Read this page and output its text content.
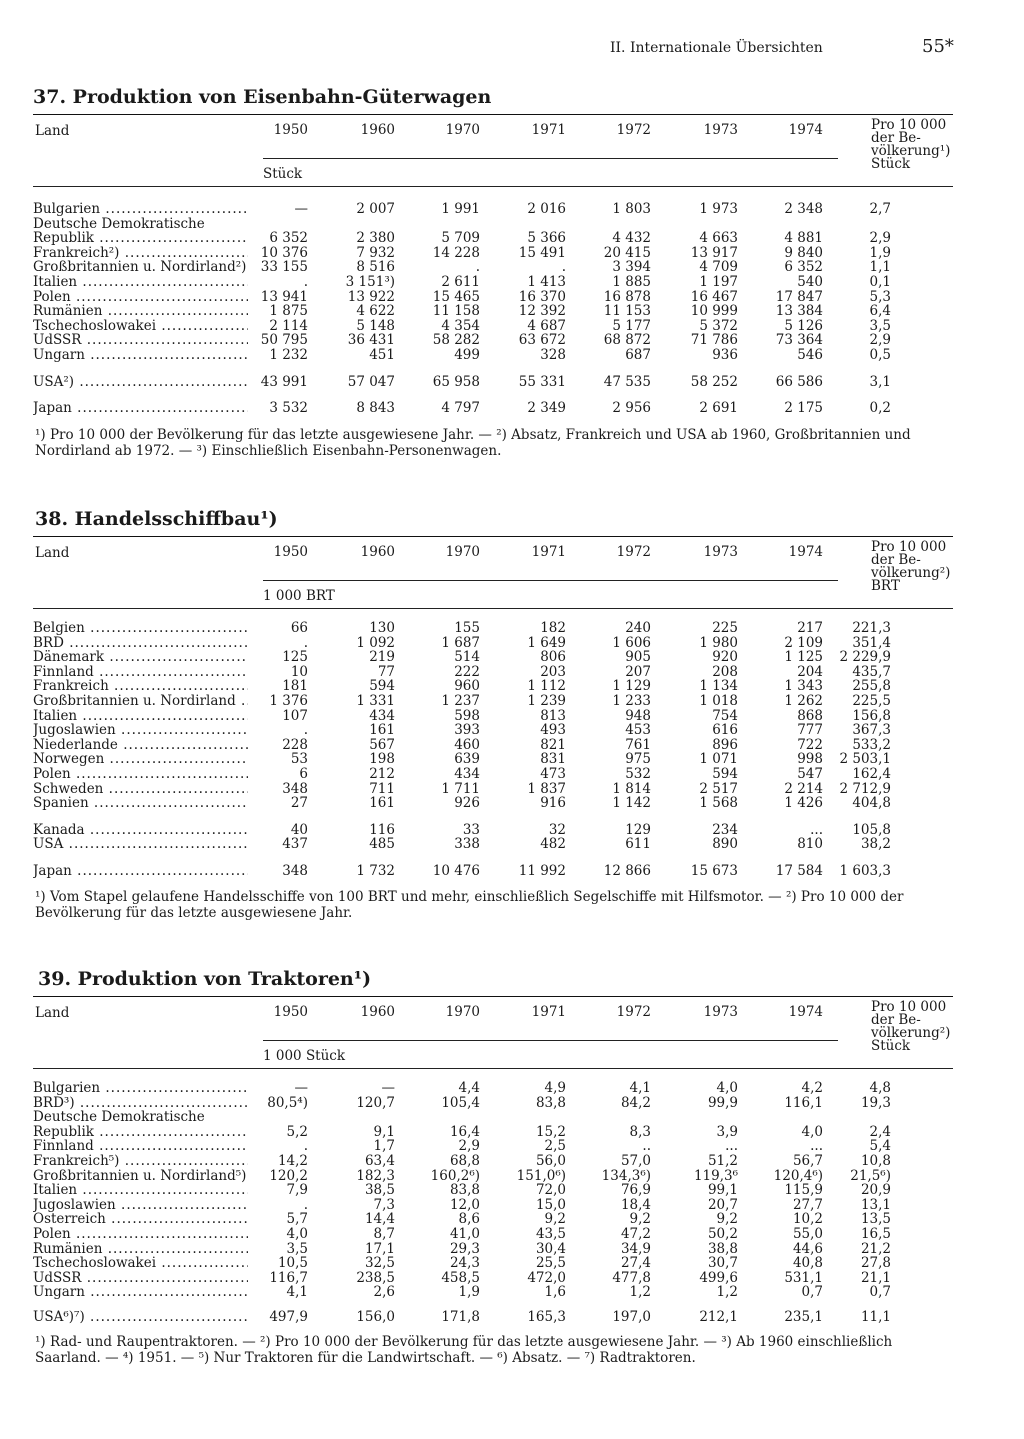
II. Internationale Übersichten	55*
37. Produktion von Eisenbahn-Güterwagen
Land	1950	1960	1970	1971	1972	1973	1974	Pro 10 000 der Be- völkerung¹) Stück
Stück
Bulgarien .....	—	2 007	1 991	2 016	1 803	1 973	2 348	2,7
Deutsche Demokratische
Republik .....	6 352	2 380	5 709	5 366	4 432	4 663	4 881	2,9
Frankreich²) .....	10 376	7 932	14 228	15 491	20 415	13 917	9 840	1,9
Großbritannien u. Nordirland²) .....	33 155	8 516	.	.	3 394	4 709	6 352	1,1
Italien .....	.	3 151³)	2 611	1 413	1 885	1 197	540	0,1
Polen .....	13 941	13 922	15 465	16 370	16 878	16 467	17 847	5,3
Rumänien .....	1 875	4 622	11 158	12 392	11 153	10 999	13 384	6,4
Tschechoslowakei .....	2 114	5 148	4 354	4 687	5 177	5 372	5 126	3,5
UdSSR .....	50 795	36 431	58 282	63 672	68 872	71 786	73 364	2,9
Ungarn .....	1 232	451	499	328	687	936	546	0,5
USA²) .....	43 991	57 047	65 958	55 331	47 535	58 252	66 586	3,1
Japan .....	3 532	8 843	4 797	2 349	2 956	2 691	2 175	0,2
¹) Pro 10 000 der Bevölkerung für das letzte ausgewiesene Jahr. — ²) Absatz, Frankreich und USA ab 1960, Großbritannien und Nordirland ab 1972. — ³) Einschließlich Eisenbahn-Personenwagen.
38. Handelsschiffbau¹)
Land	1950	1960	1970	1971	1972	1973	1974	Pro 10 000 der Be- völkerung²) BRT
1 000 BRT
Belgien .....	66	130	155	182	240	225	217	221,3
BRD .....	.	1 092	1 687	1 649	1 606	1 980	2 109	351,4
Dänemark .....	125	219	514	806	905	920	1 125	2 229,9
Finnland .....	10	77	222	203	207	208	204	435,7
Frankreich .....	181	594	960	1 112	1 129	1 134	1 343	255,8
Großbritannien u. Nordirland .....	1 376	1 331	1 237	1 239	1 233	1 018	1 262	225,5
Italien .....	107	434	598	813	948	754	868	156,8
Jugoslawien .....	.	161	393	493	453	616	777	367,3
Niederlande .....	228	567	460	821	761	896	722	533,2
Norwegen .....	53	198	639	831	975	1 071	998	2 503,1
Polen .....	6	212	434	473	532	594	547	162,4
Schweden .....	348	711	1 711	1 837	1 814	2 517	2 214	2 712,9
Spanien .....	27	161	926	916	1 142	1 568	1 426	404,8
Kanada .....	40	116	33	32	129	234	...	105,8
USA .....	437	485	338	482	611	890	810	38,2
Japan .....	348	1 732	10 476	11 992	12 866	15 673	17 584	1 603,3
¹) Vom Stapel gelaufene Handelsschiffe von 100 BRT und mehr, einschließlich Segelschiffe mit Hilfsmotor. — ²) Pro 10 000 der Bevölkerung für das letzte ausgewiesene Jahr.
39. Produktion von Traktoren¹)
Land	1950	1960	1970	1971	1972	1973	1974	Pro 10 000 der Be- völkerung²) Stück
1 000 Stück
Bulgarien .....	—	—	4,4	4,9	4,1	4,0	4,2	4,8
BRD³) .....	80,5⁴)	120,7	105,4	83,8	84,2	99,9	116,1	19,3
Deutsche Demokratische
Republik .....	5,2	9,1	16,4	15,2	8,3	3,9	4,0	2,4
Finnland .....	.	1,7	2,9	2,5	..	...	...	5,4
Frankreich⁵) .....	14,2	63,4	68,8	56,0	57,0	51,2	56,7	10,8
Großbritannien u. Nordirland⁵) .....	120,2	182,3	160,2⁶)	151,0⁶)	134,3⁶)	119,3⁶	120,4⁶)	21,5⁶)
Italien .....	7,9	38,5	83,8	72,0	76,9	99,1	115,9	20,9
Jugoslawien .....	.	7,3	12,0	15,0	18,4	20,7	27,7	13,1
Österreich .....	5,7	14,4	8,6	9,2	9,2	9,2	10,2	13,5
Polen .....	4,0	8,7	41,0	43,5	47,2	50,2	55,0	16,5
Rumänien .....	3,5	17,1	29,3	30,4	34,9	38,8	44,6	21,2
Tschechoslowakei .....	10,5	32,5	24,3	25,5	27,4	30,7	40,8	27,8
UdSSR .....	116,7	238,5	458,5	472,0	477,8	499,6	531,1	21,1
Ungarn .....	4,1	2,6	1,9	1,6	1,2	1,2	0,7	0,7
USA⁶)⁷) .....	497,9	156,0	171,8	165,3	197,0	212,1	235,1	11,1
¹) Rad- und Raupentraktoren. — ²) Pro 10 000 der Bevölkerung für das letzte ausgewiesene Jahr. — ³) Ab 1960 einschließlich Saarland. — ⁴) 1951. — ⁵) Nur Traktoren für die Landwirtschaft. — ⁶) Absatz. — ⁷) Radtraktoren.
